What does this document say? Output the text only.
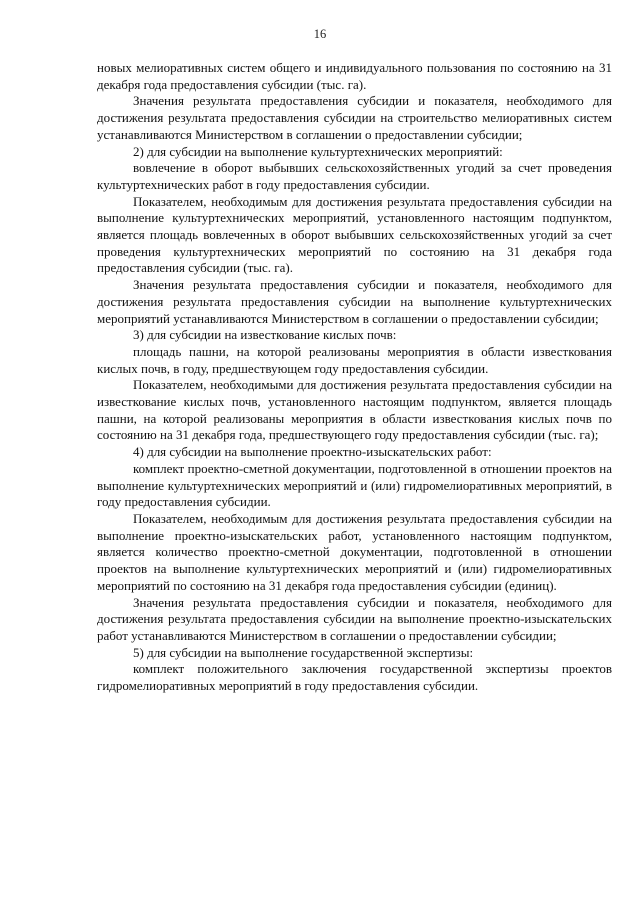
16

новых мелиоративных систем общего и индивидуального пользования по состоянию на 31 декабря года предоставления субсидии (тыс. га).

Значения результата предоставления субсидии и показателя, необходимого для достижения результата предоставления субсидии на строительство мелиоративных систем устанавливаются Министерством в соглашении о предоставлении субсидии;

2) для субсидии на выполнение культуртехнических мероприятий:

вовлечение в оборот выбывших сельскохозяйственных угодий за счет проведения культуртехнических работ в году предоставления субсидии.

Показателем, необходимым для достижения результата предоставления субсидии на выполнение культуртехнических мероприятий, установленного настоящим подпунктом, является площадь вовлеченных в оборот выбывших сельскохозяйственных угодий за счет проведения культуртехнических мероприятий по состоянию на 31 декабря года предоставления субсидии (тыс. га).

Значения результата предоставления субсидии и показателя, необходимого для достижения результата предоставления субсидии на выполнение культуртехнических мероприятий устанавливаются Министерством в соглашении о предоставлении субсидии;

3) для субсидии на известкование кислых почв:

площадь пашни, на которой реализованы мероприятия в области известкования кислых почв, в году, предшествующем году предоставления субсидии.

Показателем, необходимыми для достижения результата предоставления субсидии на известкование кислых почв, установленного настоящим подпунктом, является площадь пашни, на которой реализованы мероприятия в области известкования кислых почв по состоянию на 31 декабря года, предшествующего году предоставления субсидии (тыс. га);

4) для субсидии на выполнение проектно-изыскательских работ:

комплект проектно-сметной документации, подготовленной в отношении проектов на выполнение культуртехнических мероприятий и (или) гидромелиоративных мероприятий, в году предоставления субсидии.

Показателем, необходимым для достижения результата предоставления субсидии на выполнение проектно-изыскательских работ, установленного настоящим подпунктом, является количество проектно-сметной документации, подготовленной в отношении проектов на выполнение культуртехнических мероприятий и (или) гидромелиоративных мероприятий по состоянию на 31 декабря года предоставления субсидии (единиц).

Значения результата предоставления субсидии и показателя, необходимого для достижения результата предоставления субсидии на выполнение проектно-изыскательских работ устанавливаются Министерством в соглашении о предоставлении субсидии;

5) для субсидии на выполнение государственной экспертизы:

комплект положительного заключения государственной экспертизы проектов гидромелиоративных мероприятий в году предоставления субсидии.
